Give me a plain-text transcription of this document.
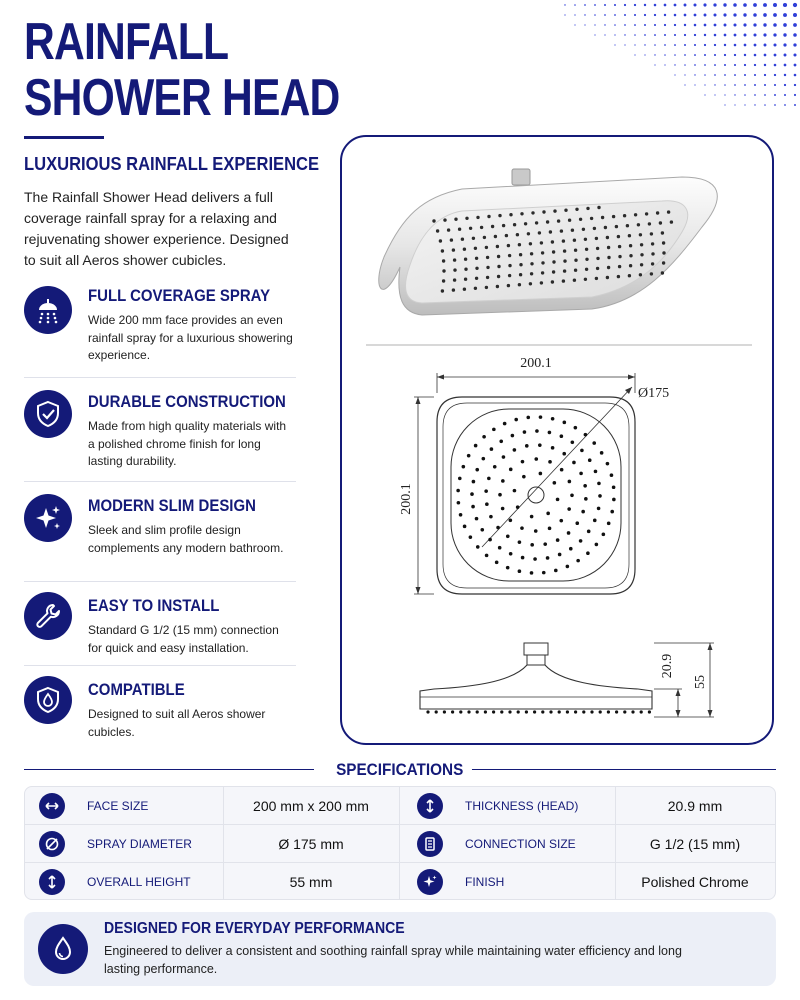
RAINFALL
SHOWER HEAD
LUXURIOUS RAINFALL EXPERIENCE
The Rainfall Shower Head delivers a full coverage rainfall spray for a relaxing and rejuvenating shower experience. Designed to suit all Aeros shower cubicles.
FULL COVERAGE SPRAY
Wide 200 mm face provides an even rainfall spray for a luxurious showering experience.
DURABLE CONSTRUCTION
Made from high quality materials with a polished chrome finish for long lasting durability.
MODERN SLIM DESIGN
Sleek and slim profile design complements any modern bathroom.
EASY TO INSTALL
Standard G 1/2 (15 mm) connection for quick and easy installation.
COMPATIBLE
Designed to suit all Aeros shower cubicles.
200.1
Ø175
200.1
20.9
55
SPECIFICATIONS
FACE SIZE	200 mm x 200 mm	THICKNESS (HEAD)	20.9 mm
SPRAY DIAMETER	Ø 175 mm	CONNECTION SIZE	G 1/2 (15 mm)
OVERALL HEIGHT	55 mm	FINISH	Polished Chrome
DESIGNED FOR EVERYDAY PERFORMANCE
Engineered to deliver a consistent and soothing rainfall spray while maintaining water efficiency and long lasting performance.
